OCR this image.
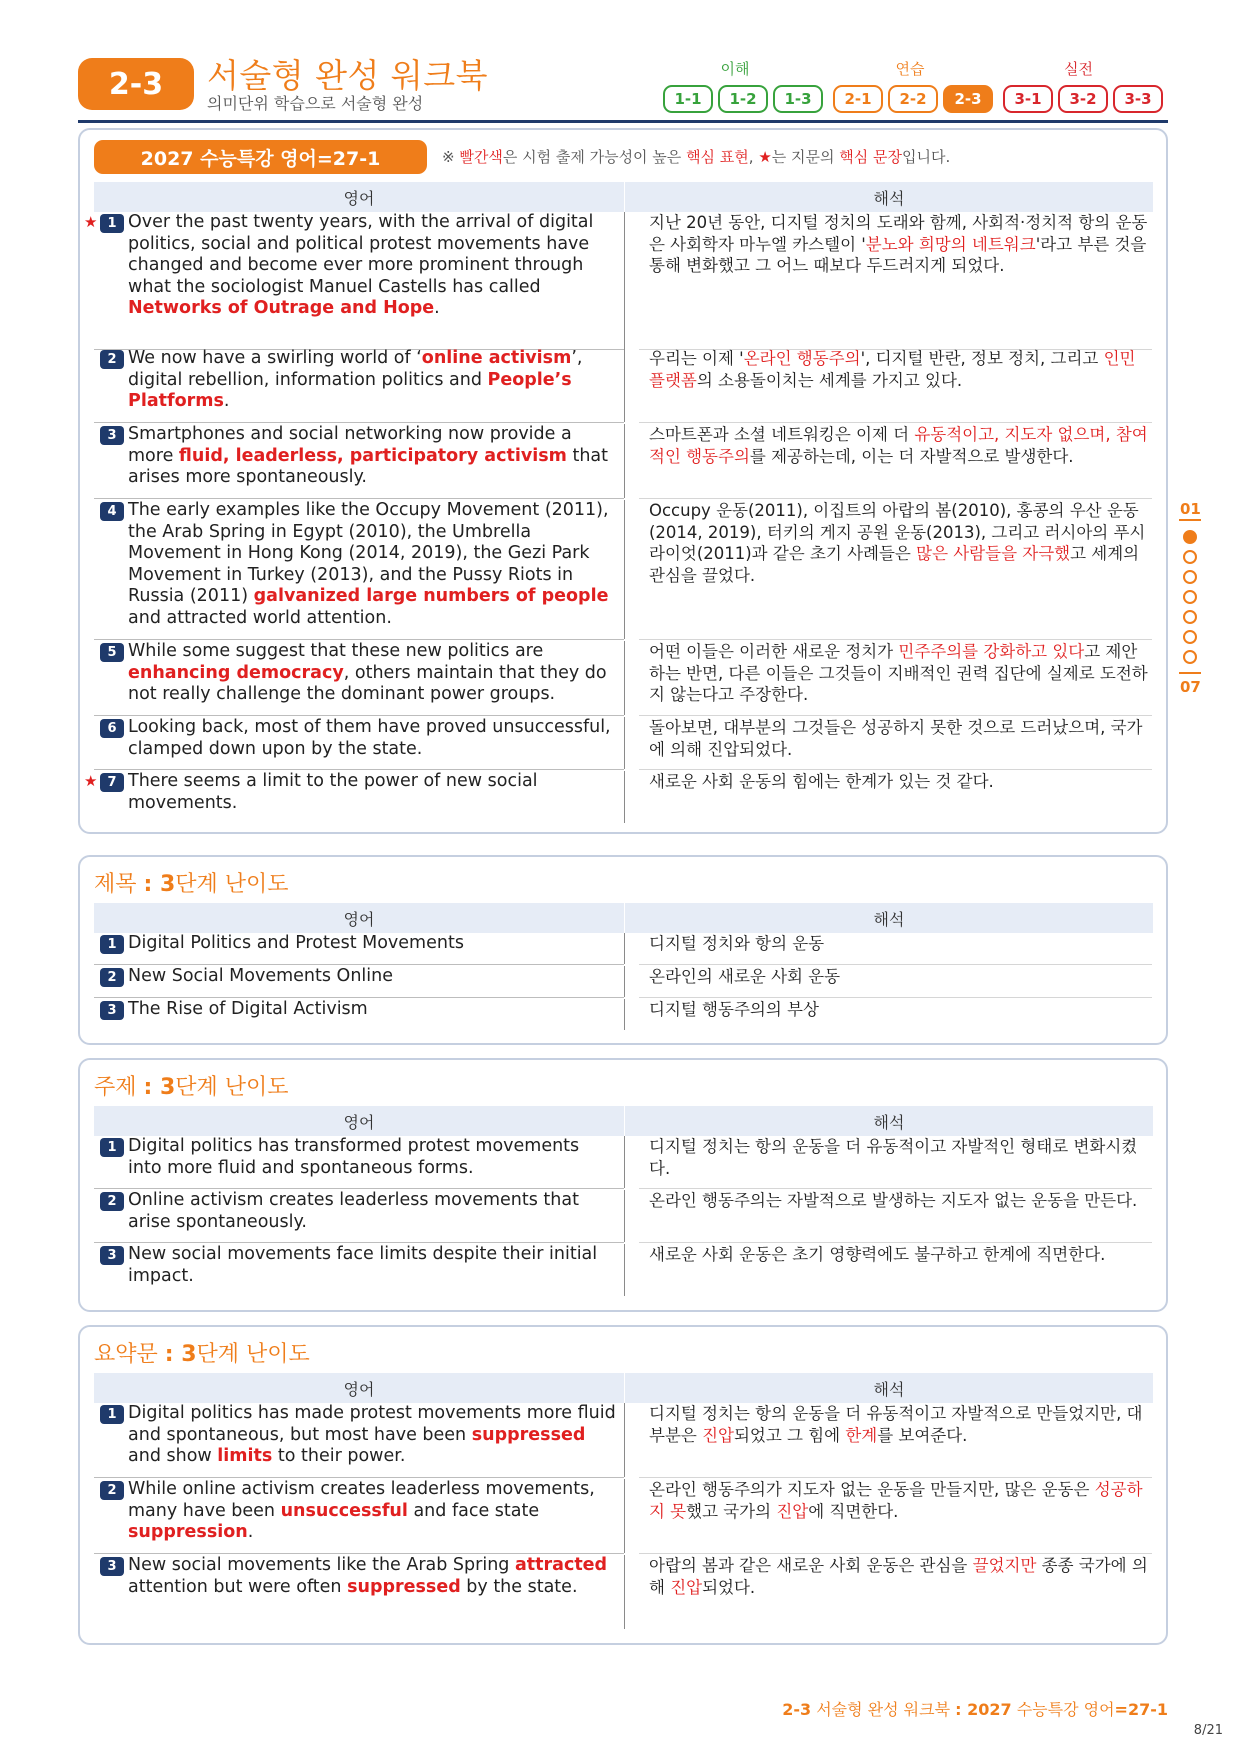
2-3	서술형 완성 워크북
의미단위 학습으로 서술형 완성
이해	연습	실전
1-1	1-2	1-3	2-1	2-2	2-3	3-1	3-2	3-3
2027 수능특강 영어=27-1	※ 빨간색은 시험 출제 가능성이 높은 핵심 표현, ★는 지문의 핵심 문장입니다.
영어	해석
★ 1 Over the past twenty years, with the arrival of digital politics, social and political protest movements have changed and become ever more prominent through what the sociologist Manuel Castells has called Networks of Outrage and Hope.
지난 20년 동안, 디지털 정치의 도래와 함께, 사회적·정치적 항의 운동은 사회학자 마누엘 카스텔이 '분노와 희망의 네트워크'라고 부른 것을 통해 변화했고 그 어느 때보다 두드러지게 되었다.
2 We now have a swirling world of ‘online activism’, digital rebellion, information politics and People’s Platforms.
우리는 이제 '온라인 행동주의', 디지털 반란, 정보 정치, 그리고 인민 플랫폼의 소용돌이치는 세계를 가지고 있다.
3 Smartphones and social networking now provide a more fluid, leaderless, participatory activism that arises more spontaneously.
스마트폰과 소셜 네트워킹은 이제 더 유동적이고, 지도자 없으며, 참여적인 행동주의를 제공하는데, 이는 더 자발적으로 발생한다.
4 The early examples like the Occupy Movement (2011), the Arab Spring in Egypt (2010), the Umbrella Movement in Hong Kong (2014, 2019), the Gezi Park Movement in Turkey (2013), and the Pussy Riots in Russia (2011) galvanized large numbers of people and attracted world attention.
Occupy 운동(2011), 이집트의 아랍의 봄(2010), 홍콩의 우산 운동(2014, 2019), 터키의 게지 공원 운동(2013), 그리고 러시아의 푸시 라이엇(2011)과 같은 초기 사례들은 많은 사람들을 자극했고 세계의 관심을 끌었다.
5 While some suggest that these new politics are enhancing democracy, others maintain that they do not really challenge the dominant power groups.
어떤 이들은 이러한 새로운 정치가 민주주의를 강화하고 있다고 제안하는 반면, 다른 이들은 그것들이 지배적인 권력 집단에 실제로 도전하지 않는다고 주장한다.
6 Looking back, most of them have proved unsuccessful, clamped down upon by the state.
돌아보면, 대부분의 그것들은 성공하지 못한 것으로 드러났으며, 국가에 의해 진압되었다.
★ 7 There seems a limit to the power of new social movements.
새로운 사회 운동의 힘에는 한계가 있는 것 같다.
제목 : 3단계 난이도
영어	해석
1 Digital Politics and Protest Movements	디지털 정치와 항의 운동
2 New Social Movements Online	온라인의 새로운 사회 운동
3 The Rise of Digital Activism	디지털 행동주의의 부상
주제 : 3단계 난이도
영어	해석
1 Digital politics has transformed protest movements into more fluid and spontaneous forms.
디지털 정치는 항의 운동을 더 유동적이고 자발적인 형태로 변화시켰다.
2 Online activism creates leaderless movements that arise spontaneously.
온라인 행동주의는 자발적으로 발생하는 지도자 없는 운동을 만든다.
3 New social movements face limits despite their initial impact.
새로운 사회 운동은 초기 영향력에도 불구하고 한계에 직면한다.
요약문 : 3단계 난이도
영어	해석
1 Digital politics has made protest movements more fluid and spontaneous, but most have been suppressed and show limits to their power.
디지털 정치는 항의 운동을 더 유동적이고 자발적으로 만들었지만, 대부분은 진압되었고 그 힘에 한계를 보여준다.
2 While online activism creates leaderless movements, many have been unsuccessful and face state suppression.
온라인 행동주의가 지도자 없는 운동을 만들지만, 많은 운동은 성공하지 못했고 국가의 진압에 직면한다.
3 New social movements like the Arab Spring attracted attention but were often suppressed by the state.
아랍의 봄과 같은 새로운 사회 운동은 관심을 끌었지만 종종 국가에 의해 진압되었다.
01
07
2-3 서술형 완성 워크북 : 2027 수능특강 영어=27-1
8/21
